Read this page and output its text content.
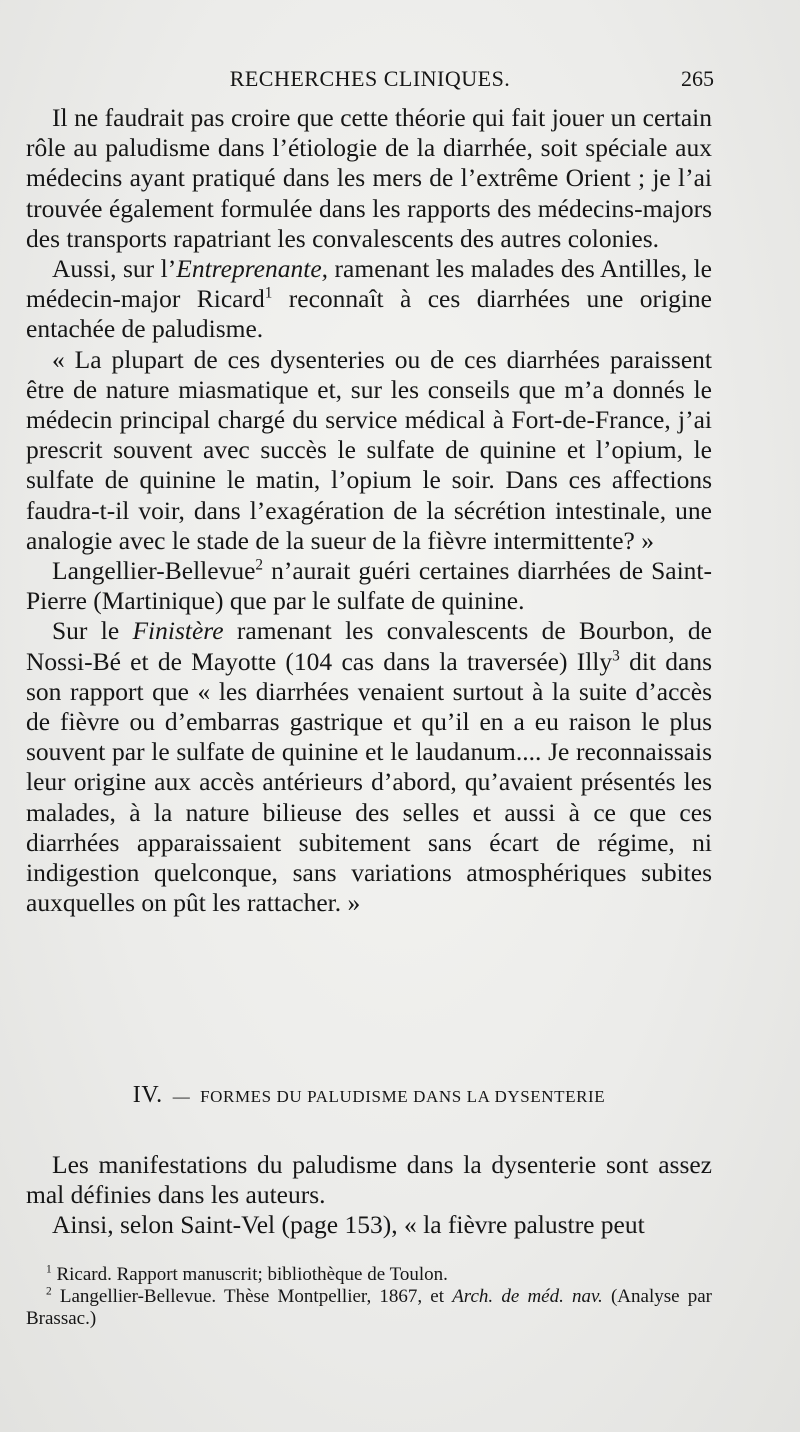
RECHERCHES CLINIQUES.	265

Il ne faudrait pas croire que cette théorie qui fait jouer un certain rôle au paludisme dans l’étiologie de la diarrhée, soit spéciale aux médecins ayant pratiqué dans les mers de l’extrême Orient ; je l’ai trouvée également formulée dans les rapports des médecins-majors des transports rapatriant les convalescents des autres colonies.

Aussi, sur l’Entreprenante, ramenant les malades des Antilles, le médecin-major Ricard$^1$ reconnaît à ces diarrhées une origine entachée de paludisme.

« La plupart de ces dysenteries ou de ces diarrhées paraissent être de nature miasmatique et, sur les conseils que m’a donnés le médecin principal chargé du service médical à Fort-de-France, j’ai prescrit souvent avec succès le sulfate de quinine et l’opium, le sulfate de quinine le matin, l’opium le soir. Dans ces affections faudra-t-il voir, dans l’exagération de la sécrétion intestinale, une analogie avec le stade de la sueur de la fièvre intermittente? »

Langellier-Bellevue$^2$ n’aurait guéri certaines diarrhées de Saint-Pierre (Martinique) que par le sulfate de quinine.

Sur le Finistère ramenant les convalescents de Bourbon, de Nossi-Bé et de Mayotte (104 cas dans la traversée) Illy$^3$ dit dans son rapport que « les diarrhées venaient surtout à la suite d’accès de fièvre ou d’embarras gastrique et qu’il en a eu raison le plus souvent par le sulfate de quinine et le laudanum.... Je reconnaissais leur origine aux accès antérieurs d’abord, qu’avaient présentés les malades, à la nature bilieuse des selles et aussi à ce que ces diarrhées apparaissaient subitement sans écart de régime, ni indigestion quelconque, sans variations atmosphériques subites auxquelles on pût les rattacher. »

IV. — FORMES DU PALUDISME DANS LA DYSENTERIE

Les manifestations du paludisme dans la dysenterie sont assez mal définies dans les auteurs.

Ainsi, selon Saint-Vel (page 153), « la fièvre palustre peut

$^1$ Ricard. Rapport manuscrit; bibliothèque de Toulon.

$^2$ Langellier-Bellevue. Thèse Montpellier, 1867, et Arch. de méd. nav. (Analyse par Brassac.)
